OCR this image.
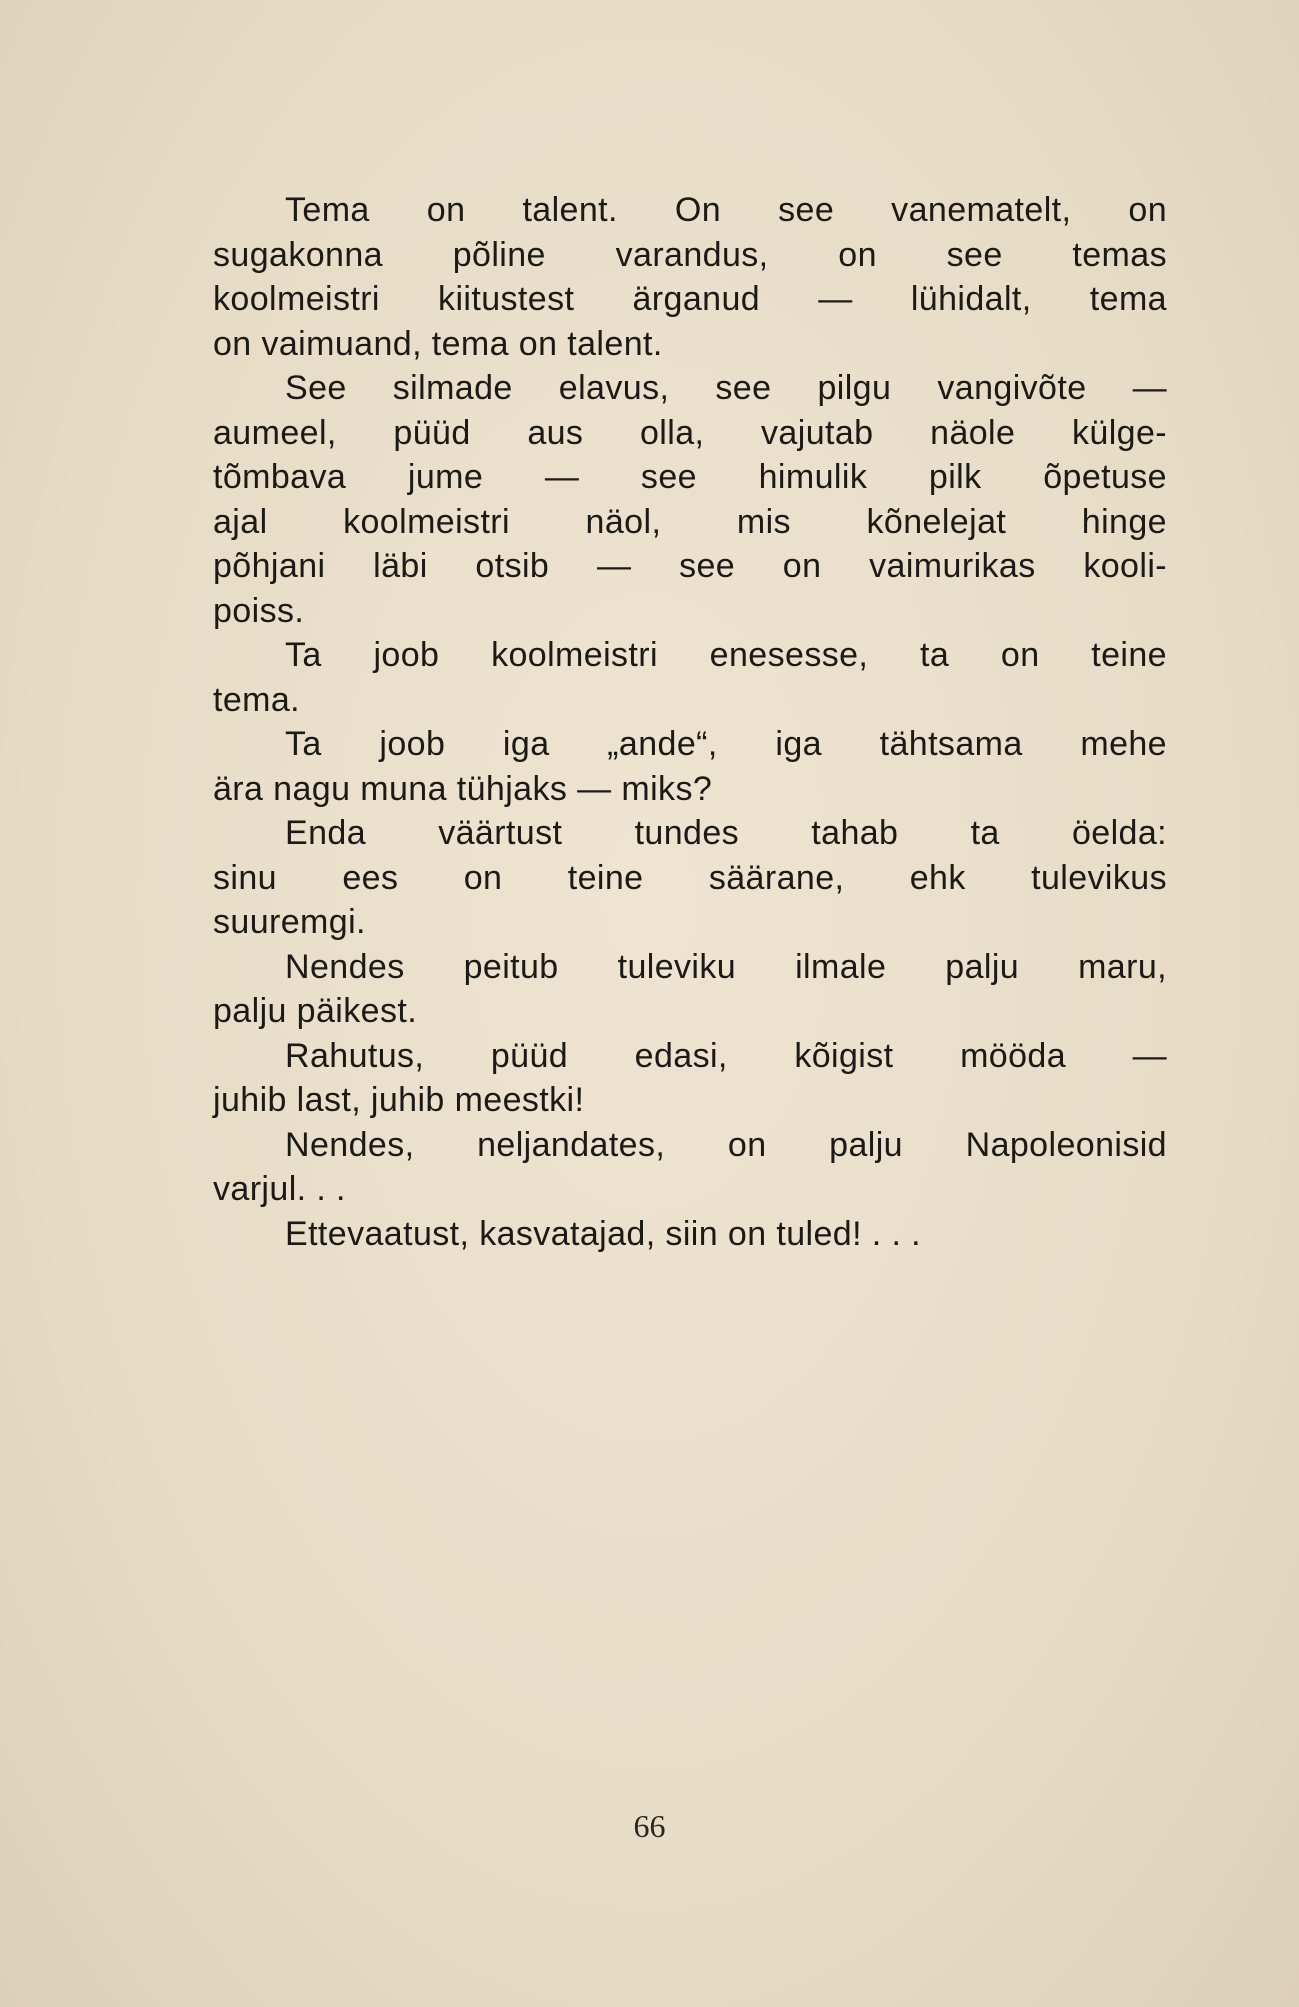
Tema on talent. On see vanematelt, on
sugakonna põline varandus, on see temas
koolmeistri kiitustest ärganud — lühidalt, tema
on vaimuand, tema on talent.
See silmade elavus, see pilgu vangivõte —
aumeel, püüd aus olla, vajutab näole külge-
tõmbava jume — see himulik pilk õpetuse
ajal koolmeistri näol, mis kõnelejat hinge
põhjani läbi otsib — see on vaimurikas kooli-
poiss.
Ta joob koolmeistri enesesse, ta on teine
tema.
Ta joob iga „ande“, iga tähtsama mehe
ära nagu muna tühjaks — miks?
Enda väärtust tundes tahab ta öelda:
sinu ees on teine säärane, ehk tulevikus
suuremgi.
Nendes peitub tuleviku ilmale palju maru,
palju päikest.
Rahutus, püüd edasi, kõigist mööda —
juhib last, juhib meestki!
Nendes, neljandates, on palju Napoleonisid
varjul. . .
Ettevaatust, kasvatajad, siin on tuled! . . .
66
